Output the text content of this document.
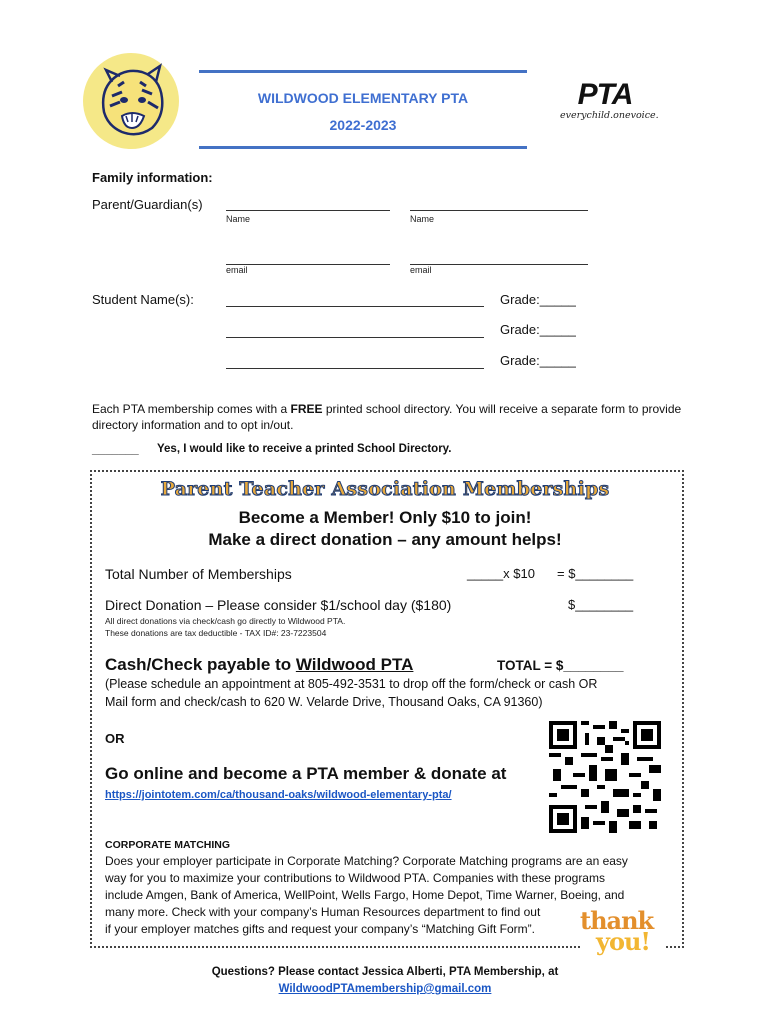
WILDWOOD ELEMENTARY PTA
2022-2023
PTA
everychild.onevoice.
Family information:
Parent/Guardian(s)
Name	Name
email	email
Student Name(s):	Grade:_____
Grade:_____
Grade:_____
Each PTA membership comes with a FREE printed school directory. You will receive a separate form to provide directory information and to opt in/out.
_______ Yes, I would like to receive a printed School Directory.
Parent Teacher Association Memberships
Become a Member! Only $10 to join!
Make a direct donation – any amount helps!
Total Number of Memberships	_____x $10 = $________
Direct Donation – Please consider $1/school day ($180)	$________
All direct donations via check/cash go directly to Wildwood PTA.
These donations are tax deductible - TAX ID#: 23-7223504
Cash/Check payable to Wildwood PTA	TOTAL = $________
(Please schedule an appointment at 805-492-3531 to drop off the form/check or cash OR
Mail form and check/cash to 620 W. Velarde Drive, Thousand Oaks, CA 91360)
OR
Go online and become a PTA member & donate at
https://jointotem.com/ca/thousand-oaks/wildwood-elementary-pta/
CORPORATE MATCHING
Does your employer participate in Corporate Matching? Corporate Matching programs are an easy
way for you to maximize your contributions to Wildwood PTA. Companies with these programs
include Amgen, Bank of America, WellPoint, Wells Fargo, Home Depot, Time Warner, Boeing, and
many more. Check with your company’s Human Resources department to find out
if your employer matches gifts and request your company’s “Matching Gift Form”.	thank
you!
Questions? Please contact Jessica Alberti, PTA Membership, at
WildwoodPTAmembership@gmail.com
